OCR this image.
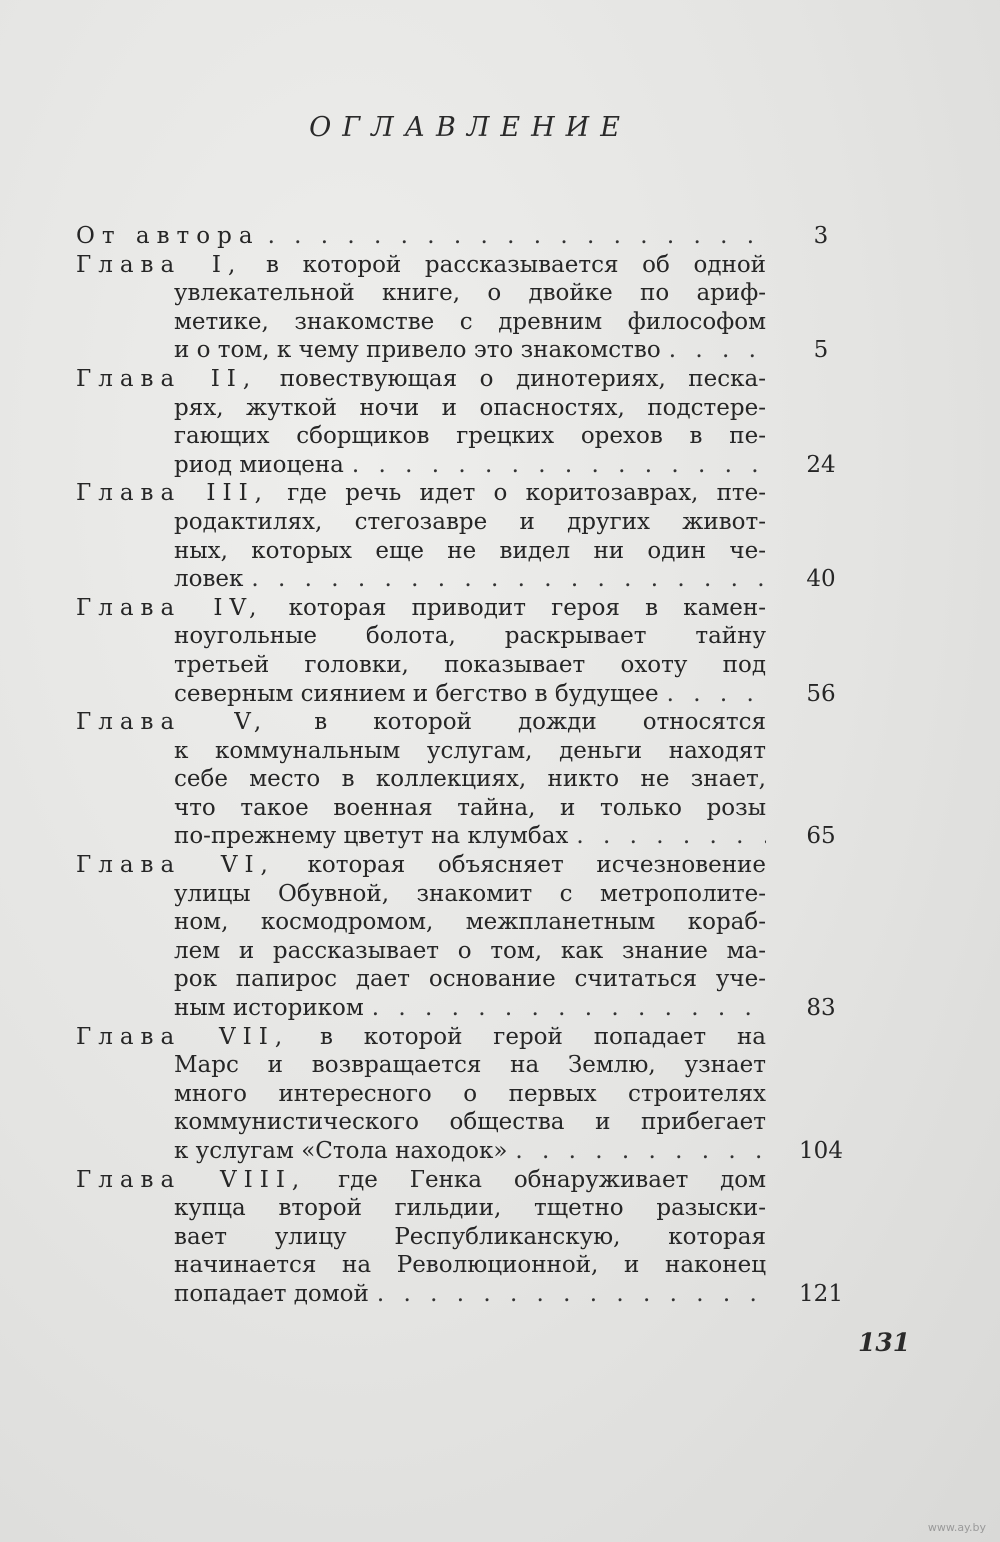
ОГЛАВЛЕНИЕ
От автора . . .	3
Глава I, в которой рассказывается об одной
увлекательной книге, о двойке по ариф-
метике, знакомстве с древним философом
и о том, к чему привело это знакомство . . .	5
Глава II, повествующая о динотериях, песка-
рях, жуткой ночи и опасностях, подстере-
гающих сборщиков грецких орехов в пе-
риод миоцена . . .	24
Глава III, где речь идет о коритозаврах, пте-
родактилях, стегозавре и других живот-
ных, которых еще не видел ни один че-
ловек . . .	40
Глава IV, которая приводит героя в камен-
ноугольные болота, раскрывает тайну
третьей головки, показывает охоту под
северным сиянием и бегство в будущее . . .	56
Глава V, в которой дожди относятся
к коммунальным услугам, деньги находят
себе место в коллекциях, никто не знает,
что такое военная тайна, и только розы
по-прежнему цветут на клумбах . . .	65
Глава VI, которая объясняет исчезновение
улицы Обувной, знакомит с метрополите-
ном, космодромом, межпланетным кораб-
лем и рассказывает о том, как знание ма-
рок папирос дает основание считаться уче-
ным историком . . .	83
Глава VII, в которой герой попадает на
Марс и возвращается на Землю, узнает
много интересного о первых строителях
коммунистического общества и прибегает
к услугам «Стола находок» . . .	104
Глава VIII, где Генка обнаруживает дом
купца второй гильдии, тщетно разыски-
вает улицу Республиканскую, которая
начинается на Революционной, и наконец
попадает домой . . .	121
131
www.ay.by
